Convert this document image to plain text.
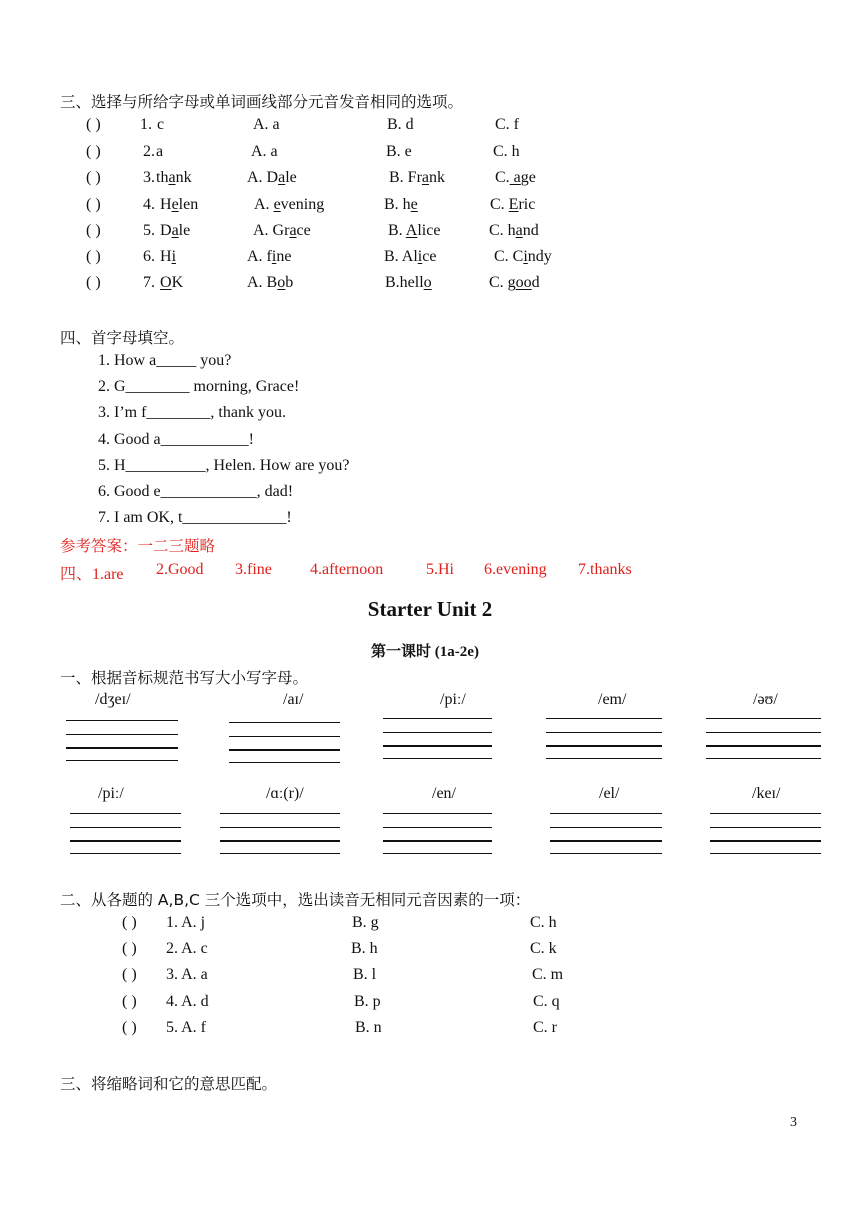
三、选择与所给字母或单词画线部分元音发音相同的选项。
( ) 1. c	A. a	B. d	C. f
( )	2. a	A. a	B. e	C. h
( )	3. thank	A. Dale	B. Frank	C. age
( )	4. Helen	A. evening	B. he	C. Eric
( )	5. Dale	A. Grace	B. Alice	C. hand
( )	6. Hi	A. fine	B. Alice	C. Cindy
( )	7. OK	A. Bob	B.hello	C. good
四、首字母填空。
1. How a_____ you?
2. G________ morning, Grace!
3. I’m f________, thank you.
4. Good a___________!
5. H__________, Helen. How are you?
6. Good e____________, dad!
7. I am OK, t_____________!
参考答案：一二三题略
四、1.are 2.Good 3.fine 4.afternoon	5.Hi 6.evening 7.thanks
Starter Unit 2
第一课时 (1a-2e)
一、根据音标规范书写大小写字母。
/dʒeɪ/	/aɪ/	/piː/	/em/	/əʊ/
/piː/	/ɑː(r)/	/en/	/el/	/keɪ/
二、从各题的 A,B,C 三个选项中，选出读音无相同元音因素的一项：
( ) 1. A. j	B. g	C. h
( ) 2. A. c	B. h	C. k
( ) 3. A. a	B. l	C. m
( ) 4. A. d	B. p	C. q
( ) 5. A. f	B. n	C. r
三、将缩略词和它的意思匹配。
3
